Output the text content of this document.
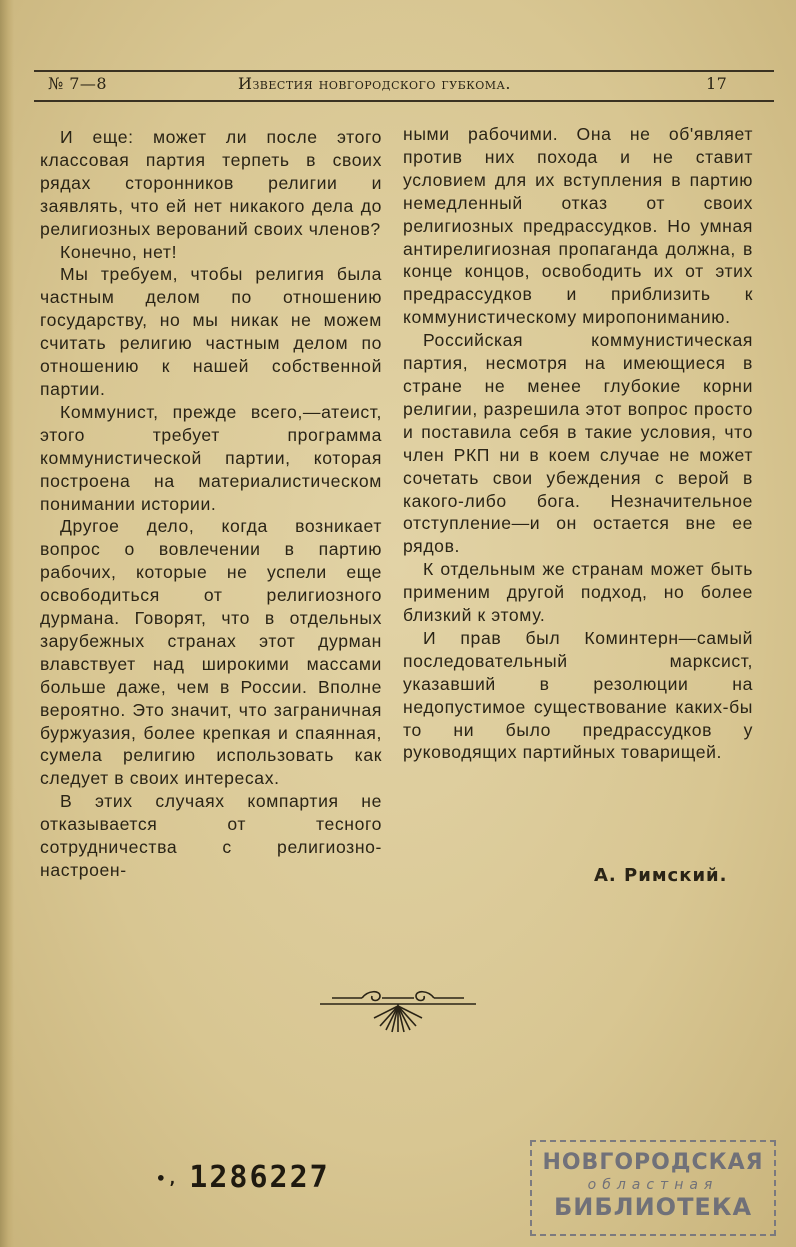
№ 7—8	Известия новгородского губкома.	17

И еще: может ли после этого классовая партия терпеть в своих рядах сторонников религии и заявлять, что ей нет никакого дела до религиозных верований своих членов?

Конечно, нет!

Мы требуем, чтобы религия была частным делом по отношению государству, но мы никак не можем считать религию частным делом по отношению к нашей собственной партии.

Коммунист, прежде всего,—атеист, этого требует программа коммунистической партии, которая построена на материалистическом понимании истории.

Другое дело, когда возникает вопрос о вовлечении в партию рабочих, которые не успели еще освободиться от религиозного дурмана. Говорят, что в отдельных зарубежных странах этот дурман влавствует над широкими массами больше даже, чем в России. Вполне вероятно. Это значит, что заграничная буржуазия, более крепкая и спаянная, сумела религию использовать как следует в своих интересах.

В этих случаях компартия не отказывается от тесного сотрудничества с религиозно-настроен-

ными рабочими. Она не об'являет против них похода и не ставит условием для их вступления в партию немедленный отказ от своих религиозных предрассудков. Но умная антирелигиозная пропаганда должна, в конце концов, освободить их от этих предрассудков и приблизить к коммунистическому миропониманию.

Российская коммунистическая партия, несмотря на имеющиеся в стране не менее глубокие корни религии, разрешила этот вопрос просто и поставила себя в такие условия, что член РКП ни в коем случае не может сочетать свои убеждения с верой в какого-либо бога. Незначительное отступление—и он остается вне ее рядов.

К отдельным же странам может быть применим другой подход, но более близкий к этому.

И прав был Коминтерн—самый последовательный марксист, указавший в резолюции на недопустимое существование каких-бы то ни было предрассудков у руководящих партийных товарищей.

А. Римский.
•, 1286227	НОВГОРОДСКАЯ
областная
БИБЛИОТЕКА
